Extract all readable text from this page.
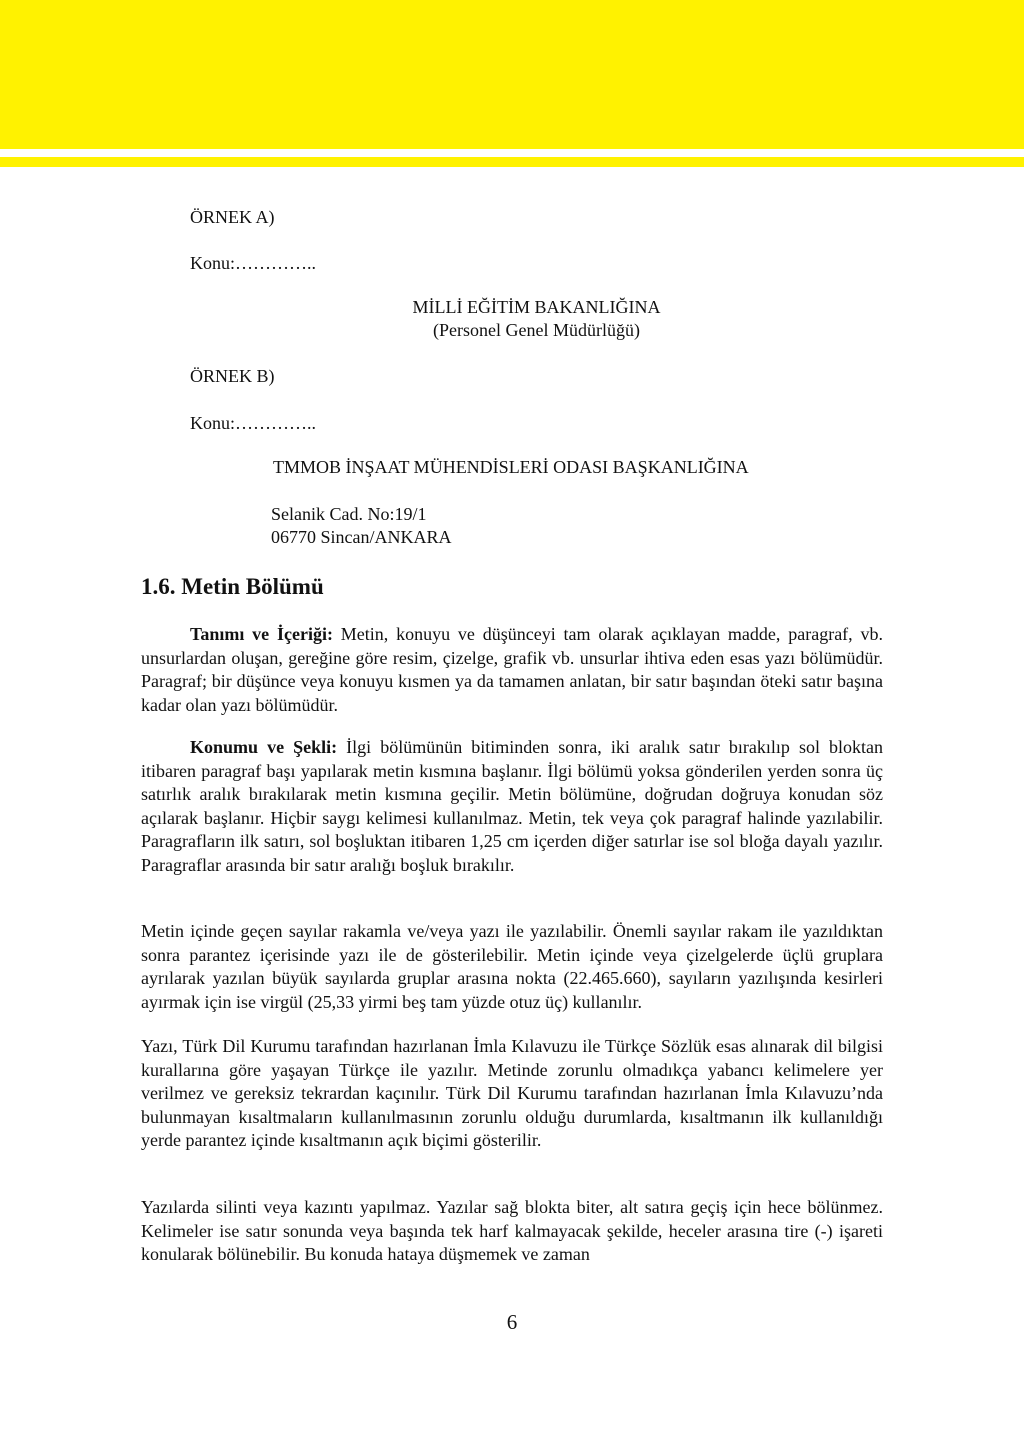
ÖRNEK A)
Konu:…………..
MİLLİ EĞİTİM BAKANLIĞINA
(Personel Genel Müdürlüğü)
ÖRNEK B)
Konu:…………..
TMMOB İNŞAAT MÜHENDİSLERİ ODASI BAŞKANLIĞINA
Selanik Cad. No:19/1
06770 Sincan/ANKARA
1.6. Metin Bölümü
Tanımı ve İçeriği: Metin, konuyu ve düşünceyi tam olarak açıklayan madde, paragraf, vb. unsurlardan oluşan, gereğine göre resim, çizelge, grafik vb. unsurlar ihtiva eden esas yazı bölümüdür. Paragraf; bir düşünce veya konuyu kısmen ya da tamamen anlatan, bir satır başından öteki satır başına kadar olan yazı bölümüdür.
Konumu ve Şekli: İlgi bölümünün bitiminden sonra, iki aralık satır bırakılıp sol bloktan itibaren paragraf başı yapılarak metin kısmına başlanır. İlgi bölümü yoksa gönderilen yerden sonra üç satırlık aralık bırakılarak metin kısmına geçilir. Metin bölümüne, doğrudan doğruya konudan söz açılarak başlanır. Hiçbir saygı kelimesi kullanılmaz. Metin, tek veya çok paragraf halinde yazılabilir. Paragrafların ilk satırı, sol boşluktan itibaren 1,25 cm içerden diğer satırlar ise sol bloğa dayalı yazılır. Paragraflar arasında bir satır aralığı boşluk bırakılır.
Metin içinde geçen sayılar rakamla ve/veya yazı ile yazılabilir. Önemli sayılar rakam ile yazıldıktan sonra parantez içerisinde yazı ile de gösterilebilir. Metin içinde veya çizelgelerde üçlü gruplara ayrılarak yazılan büyük sayılarda gruplar arasına nokta (22.465.660), sayıların yazılışında kesirleri ayırmak için ise virgül (25,33 yirmi beş tam yüzde otuz üç) kullanılır.
Yazı, Türk Dil Kurumu tarafından hazırlanan İmla Kılavuzu ile Türkçe Sözlük esas alınarak dil bilgisi kurallarına göre yaşayan Türkçe ile yazılır. Metinde zorunlu olmadıkça yabancı kelimelere yer verilmez ve gereksiz tekrardan kaçınılır. Türk Dil Kurumu tarafından hazırlanan İmla Kılavuzu’nda bulunmayan kısaltmaların kullanılmasının zorunlu olduğu durumlarda, kısaltmanın ilk kullanıldığı yerde parantez içinde kısaltmanın açık biçimi gösterilir.
Yazılarda silinti veya kazıntı yapılmaz. Yazılar sağ blokta biter, alt satıra geçiş için hece bölünmez. Kelimeler ise satır sonunda veya başında tek harf kalmayacak şekilde, heceler arasına tire (-) işareti konularak bölünebilir. Bu konuda hataya düşmemek ve zaman
6
